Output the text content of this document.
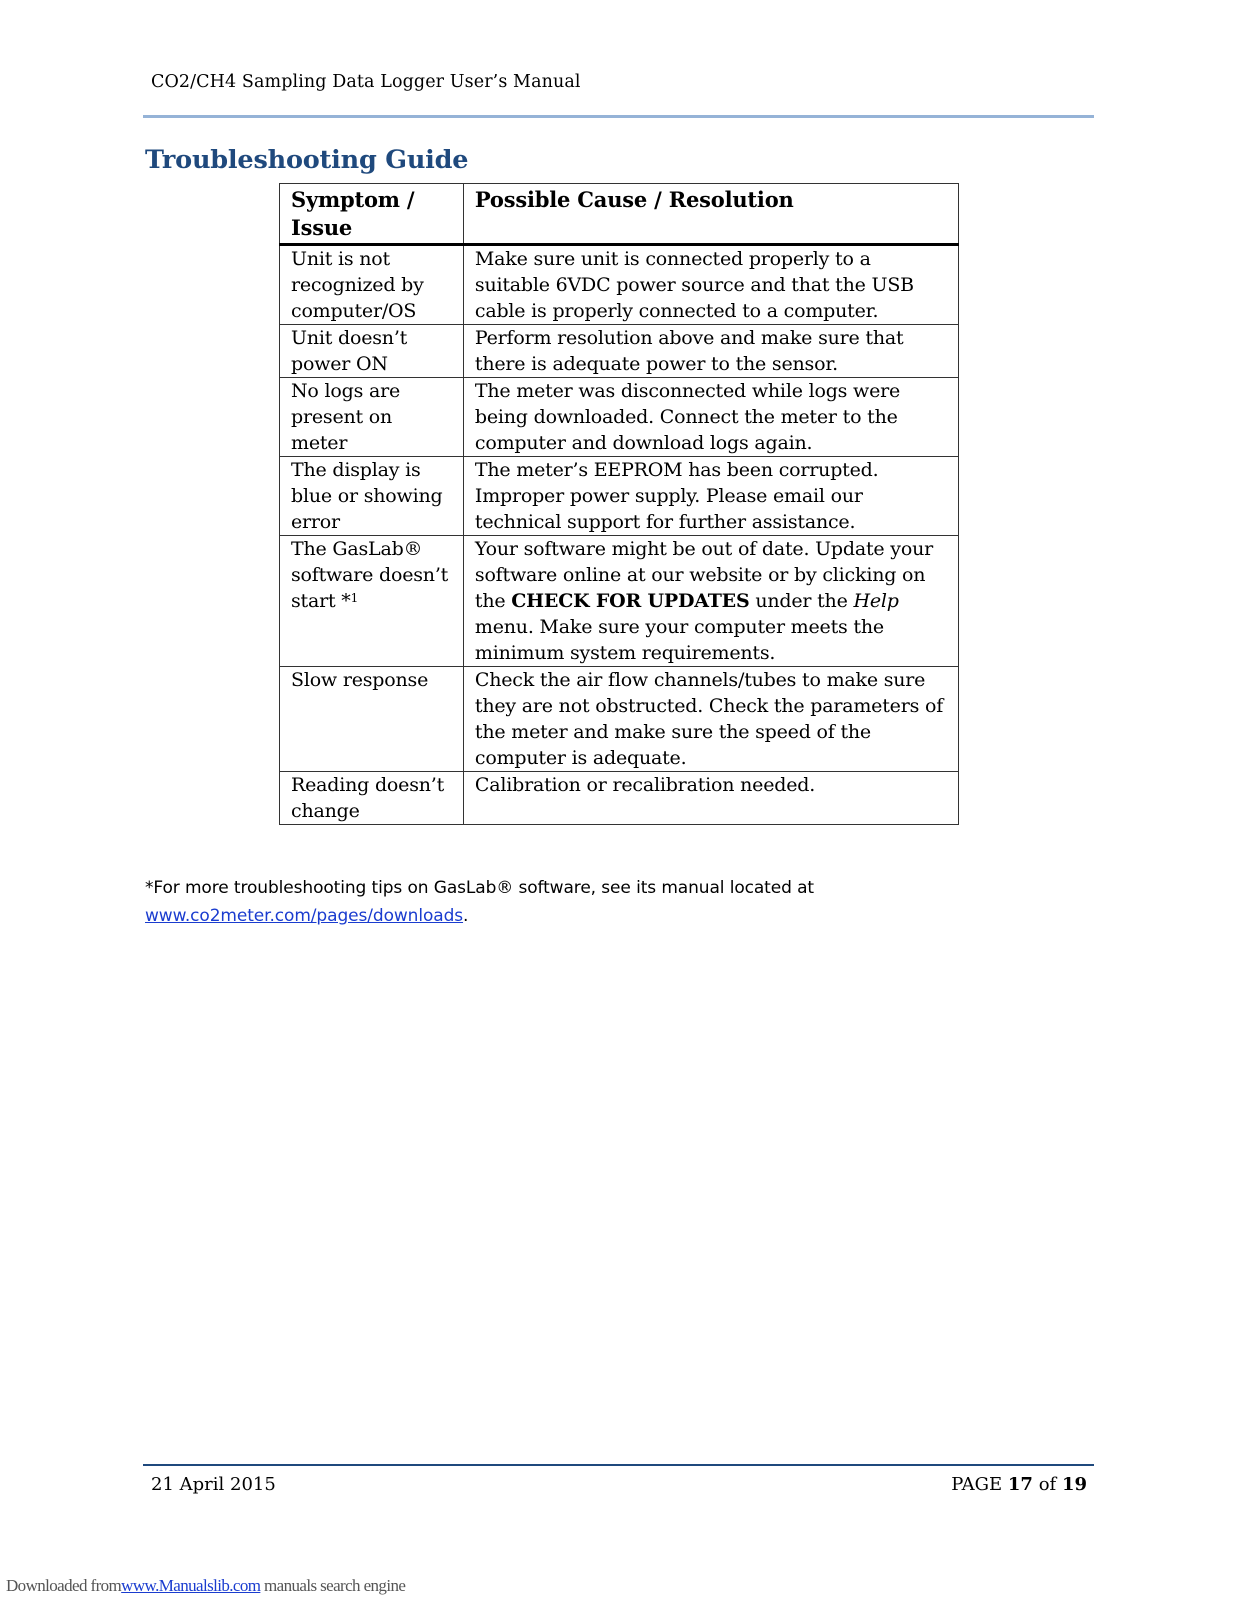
CO2/CH4 Sampling Data Logger User’s Manual
Troubleshooting Guide
Symptom / Issue	Possible Cause / Resolution
Unit is not recognized by computer/OS	Make sure unit is connected properly to a suitable 6VDC power source and that the USB cable is properly connected to a computer.
Unit doesn’t power ON	Perform resolution above and make sure that there is adequate power to the sensor.
No logs are present on meter	The meter was disconnected while logs were being downloaded. Connect the meter to the computer and download logs again.
The display is blue or showing error	The meter’s EEPROM has been corrupted. Improper power supply. Please email our technical support for further assistance.
The GasLab® software doesn’t start *$^1$	Your software might be out of date. Update your software online at our website or by clicking on the CHECK FOR UPDATES under the Help menu. Make sure your computer meets the minimum system requirements.
Slow response	Check the air flow channels/tubes to make sure they are not obstructed. Check the parameters of the meter and make sure the speed of the computer is adequate.
Reading doesn’t change	Calibration or recalibration needed.
*For more troubleshooting tips on GasLab® software, see its manual located at
www.co2meter.com/pages/downloads.
21 April 2015	PAGE 17 of 19
Downloaded fromwww.Manualslib.com manuals search engine
